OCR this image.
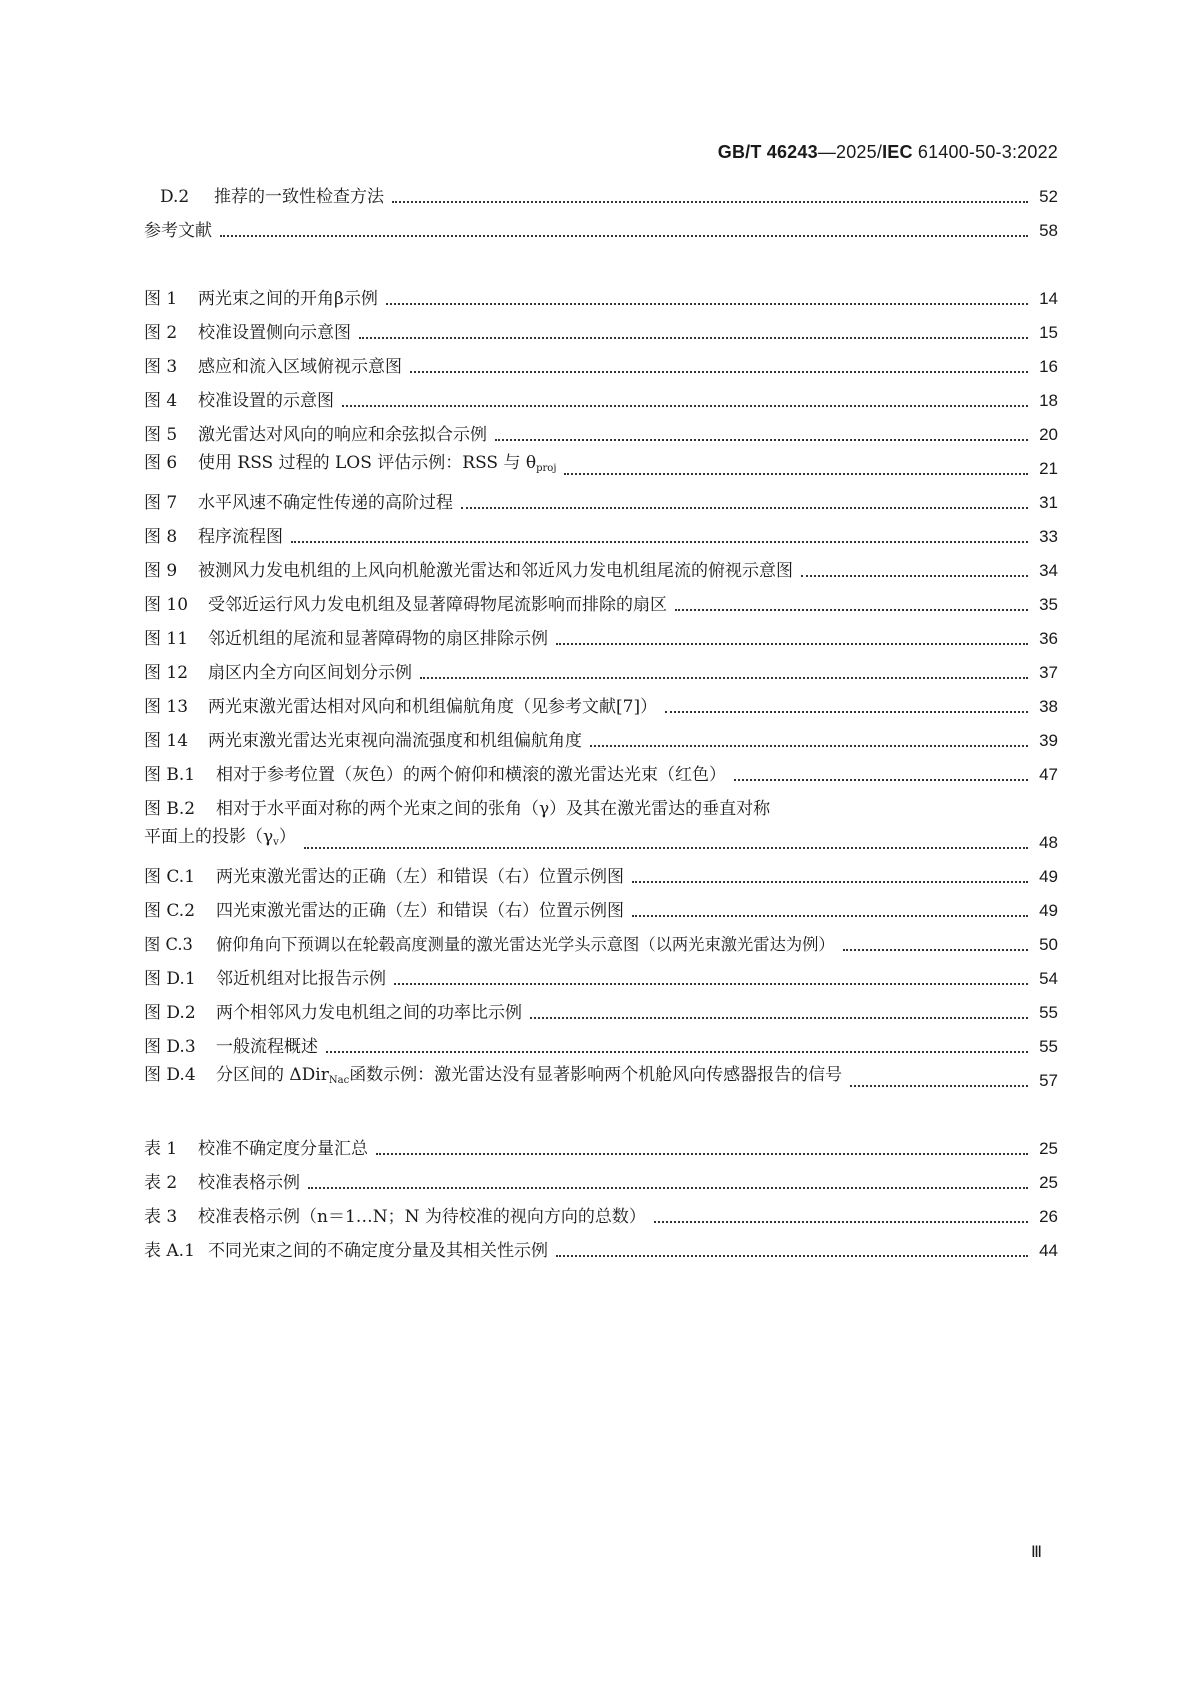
GB/T 46243—2025/IEC 61400-50-3:2022
D.2 推荐的一致性检查方法	52
参考文献	58
图 1 两光束之间的开角β示例	14
图 2 校准设置侧向示意图	15
图 3 感应和流入区域俯视示意图	16
图 4 校准设置的示意图	18
图 5 激光雷达对风向的响应和余弦拟合示例	20
图 6 使用 RSS 过程的 LOS 评估示例：RSS 与 $\theta_{proj}$	21
图 7 水平风速不确定性传递的高阶过程	31
图 8 程序流程图	33
图 9 被测风力发电机组的上风向机舱激光雷达和邻近风力发电机组尾流的俯视示意图	34
图 10 受邻近运行风力发电机组及显著障碍物尾流影响而排除的扇区	35
图 11 邻近机组的尾流和显著障碍物的扇区排除示例	36
图 12 扇区内全方向区间划分示例	37
图 13 两光束激光雷达相对风向和机组偏航角度（见参考文献[7]）	38
图 14 两光束激光雷达光束视向湍流强度和机组偏航角度	39
图 B.1 相对于参考位置（灰色）的两个俯仰和横滚的激光雷达光束（红色）	47
图 B.2 相对于水平面对称的两个光束之间的张角（γ）及其在激光雷达的垂直对称
平面上的投影$(\gamma_v)$	48
图 C.1 两光束激光雷达的正确（左）和错误（右）位置示例图	49
图 C.2 四光束激光雷达的正确（左）和错误（右）位置示例图	49
图 C.3 俯仰角向下预调以在轮毂高度测量的激光雷达光学头示意图（以两光束激光雷达为例）	50
图 D.1 邻近机组对比报告示例	54
图 D.2 两个相邻风力发电机组之间的功率比示例	55
图 D.3 一般流程概述	55
图 D.4 分区间的 ΔDir$_{Nac}$函数示例：激光雷达没有显著影响两个机舱风向传感器报告的信号	57
表 1 校准不确定度分量汇总	25
表 2 校准表格示例	25
表 3 校准表格示例（n＝1…N；N 为待校准的视向方向的总数）	26
表 A.1 不同光束之间的不确定度分量及其相关性示例	44
Ⅲ
